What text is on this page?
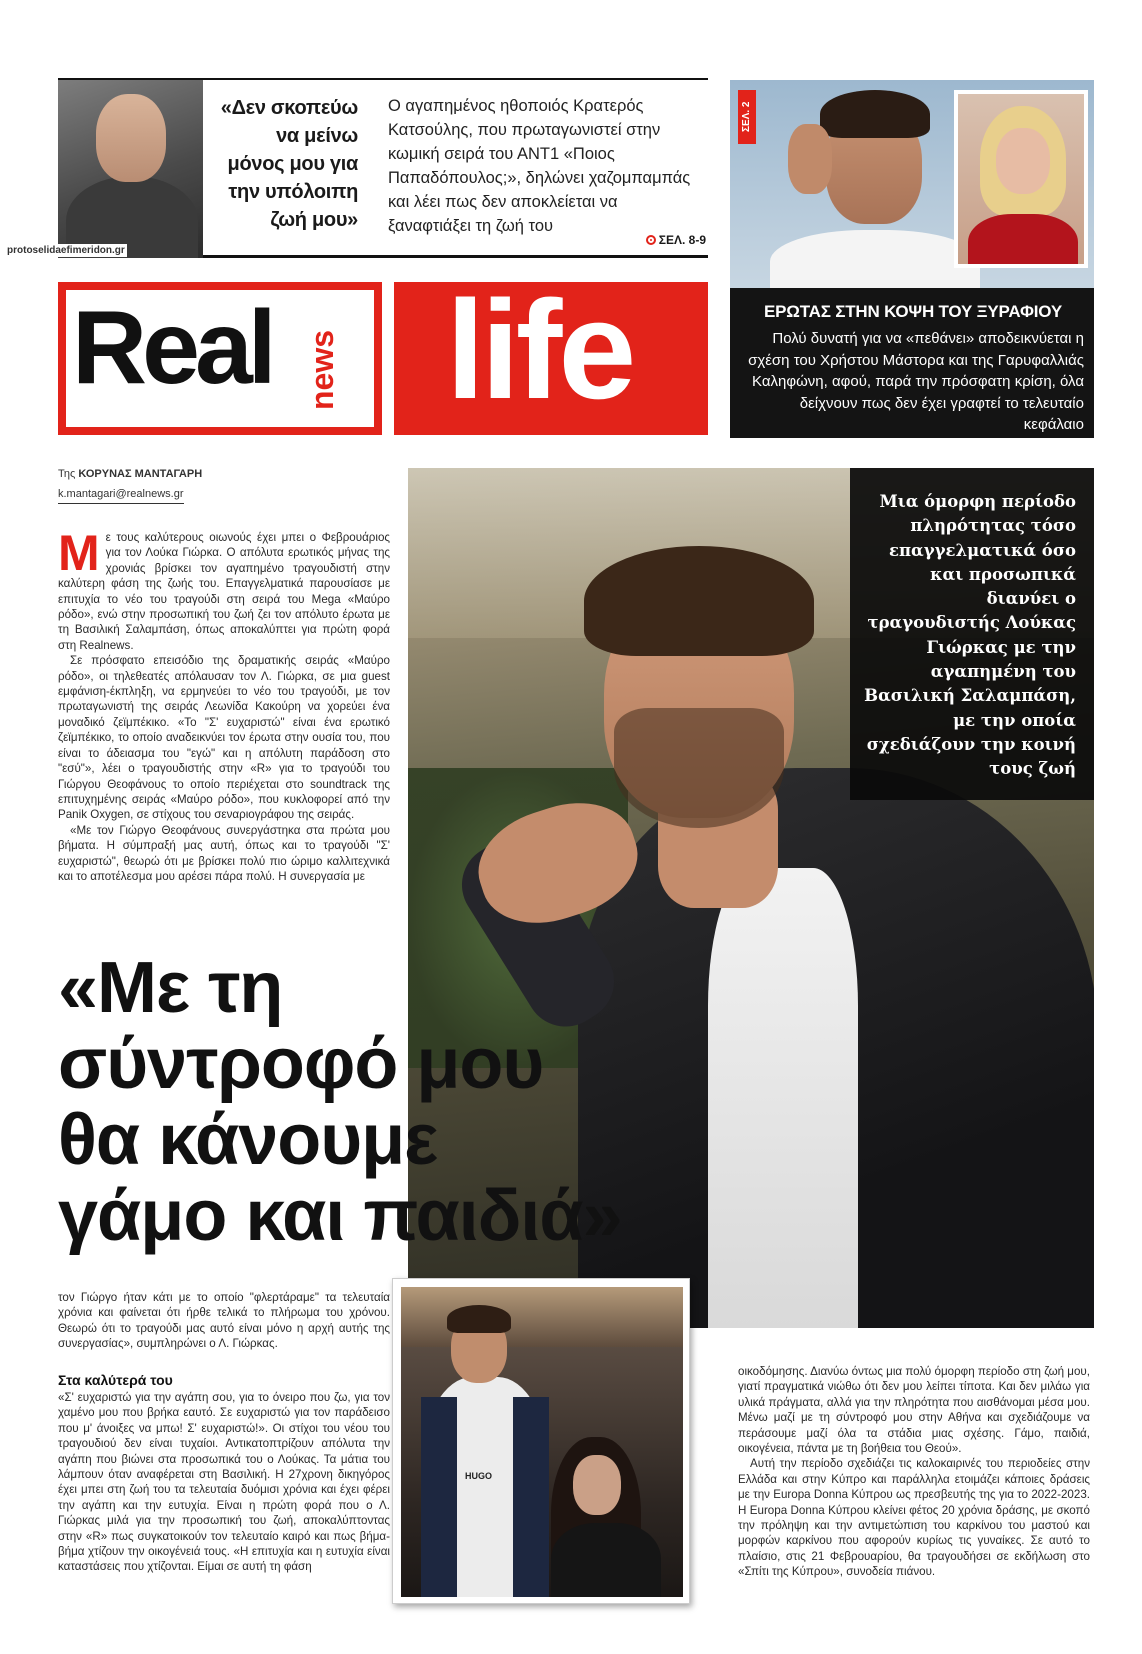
«Δεν σκοπεύω να μείνω μόνος μου για την υπόλοιπη ζωή μου»
Ο αγαπημένος ηθοποιός Κρατερός Κατσούλης, που πρωταγωνιστεί στην κωμική σειρά του ΑΝΤ1 «Ποιος Παπαδόπουλος;», δηλώνει χαζομπαμπάς και λέει πως δεν αποκλείεται να ξαναφτιάξει τη ζωή του
ΣΕΛ. 8-9
protoselidaefimeridon.gr
ΣΕΛ. 2
ΕΡΩΤΑΣ ΣΤΗΝ ΚΟΨΗ ΤΟΥ ΞΥΡΑΦΙΟΥ
Πολύ δυνατή για να «πεθάνει» αποδεικνύεται η σχέση του Χρήστου Μάστορα και της Γαρυφαλλιάς Καληφώνη, αφού, παρά την πρόσφατη κρίση, όλα δείχνουν πως δεν έχει γραφτεί το τελευταίο κεφάλαιο
Real news life
Της ΚΟΡΥΝΑΣ ΜΑΝΤΑΓΑΡΗ
k.mantagari@realnews.gr	Μια όμορφη περίοδο πληρότητας τόσο επαγγελματικά όσο και προσωπικά διανύει ο τραγουδιστής Λούκας Γιώρκας με την αγαπημένη του Βασιλική Σαλαμπάση, με την οποία σχεδιάζουν την κοινή τους ζωή

Με τους καλύτερους οιωνούς έχει μπει ο Φεβρουάριος για τον Λούκα Γιώρκα. Ο απόλυτα ερωτικός μήνας της χρονιάς βρίσκει τον αγαπημένο τραγουδιστή στην καλύτερη φάση της ζωής του. Επαγγελματικά παρουσίασε με επιτυχία το νέο του τραγούδι στη σειρά του Mega «Μαύρο ρόδο», ενώ στην προσωπική του ζωή ζει τον απόλυτο έρωτα με τη Βασιλική Σαλαμπάση, όπως αποκαλύπτει για πρώτη φορά στη Realnews.

Σε πρόσφατο επεισόδιο της δραματικής σειράς «Μαύρο ρόδο», οι τηλεθεατές απόλαυσαν τον Λ. Γιώρκα, σε μια guest εμφάνιση-έκπληξη, να ερμηνεύει το νέο του τραγούδι, με τον πρωταγωνιστή της σειράς Λεωνίδα Κακούρη να χορεύει ένα μοναδικό ζεϊμπέκικο. «Το "Σ' ευχαριστώ" είναι ένα ερωτικό ζεϊμπέκικο, το οποίο αναδεικνύει τον έρωτα στην ουσία του, που είναι το άδειασμα του "εγώ" και η απόλυτη παράδοση στο "εσύ"», λέει ο τραγουδιστής στην «R» για το τραγούδι του Γιώργου Θεοφάνους το οποίο περιέχεται στο soundtrack της επιτυχημένης σειράς «Μαύρο ρόδο», που κυκλοφορεί από την Panik Oxygen, σε στίχους του σεναριογράφου της σειράς.

«Με τον Γιώργο Θεοφάνους συνεργάστηκα στα πρώτα μου βήματα. Η σύμπραξή μας αυτή, όπως και το τραγούδι "Σ' ευχαριστώ", θεωρώ ότι με βρίσκει πολύ πιο ώριμο καλλιτεχνικά και το αποτέλεσμα μου αρέσει πάρα πολύ. Η συνεργασία με

«Με τη
σύντροφό μου
θα κάνουμε
γάμο και παιδιά»

τον Γιώργο ήταν κάτι με το οποίο "φλερτάραμε" τα τελευταία χρόνια και φαίνεται ότι ήρθε τελικά το πλήρωμα του χρόνου. Θεωρώ ότι το τραγούδι μας αυτό είναι μόνο η αρχή αυτής της συνεργασίας», συμπληρώνει ο Λ. Γιώρκας.

Στα καλύτερά του

«Σ' ευχαριστώ για την αγάπη σου, για το όνειρο που ζω, για τον χαμένο μου που βρήκα εαυτό. Σε ευχαριστώ για τον παράδεισο που μ' άνοιξες να μπω! Σ' ευχαριστώ!». Οι στίχοι του νέου του τραγουδιού δεν είναι τυχαίοι. Αντικατοπτρίζουν απόλυτα την αγάπη που βιώνει στα προσωπικά του ο Λούκας. Τα μάτια του λάμπουν όταν αναφέρεται στη Βασιλική. Η 27χρονη δικηγόρος έχει μπει στη ζωή του τα τελευταία δυόμισι χρόνια και έχει φέρει την αγάπη και την ευτυχία. Είναι η πρώτη φορά που ο Λ. Γιώρκας μιλά για την προσωπική του ζωή, αποκαλύπτοντας στην «R» πως συγκατοικούν τον τελευταίο καιρό και πως βήμα-βήμα χτίζουν την οικογένειά τους. «Η επιτυχία και η ευτυχία είναι καταστάσεις που χτίζονται. Είμαι σε αυτή τη φάση

HUGO

οικοδόμησης. Διανύω όντως μια πολύ όμορφη περίοδο στη ζωή μου, γιατί πραγματικά νιώθω ότι δεν μου λείπει τίποτα. Και δεν μιλάω για υλικά πράγματα, αλλά για την πληρότητα που αισθάνομαι μέσα μου. Μένω μαζί με τη σύντροφό μου στην Αθήνα και σχεδιάζουμε να περάσουμε μαζί όλα τα στάδια μιας σχέσης. Γάμο, παιδιά, οικογένεια, πάντα με τη βοήθεια του Θεού».

Αυτή την περίοδο σχεδιάζει τις καλοκαιρινές του περιοδείες στην Ελλάδα και στην Κύπρο και παράλληλα ετοιμάζει κάποιες δράσεις με την Europa Donna Κύπρου ως πρεσβευτής της για το 2022-2023. Η Europa Donna Κύπρου κλείνει φέτος 20 χρόνια δράσης, με σκοπό την πρόληψη και την αντιμετώπιση του καρκίνου του μαστού και μορφών καρκίνου που αφορούν κυρίως τις γυναίκες. Σε αυτό το πλαίσιο, στις 21 Φεβρουαρίου, θα τραγουδήσει σε εκδήλωση στο «Σπίτι της Κύπρου», συνοδεία πιάνου.
